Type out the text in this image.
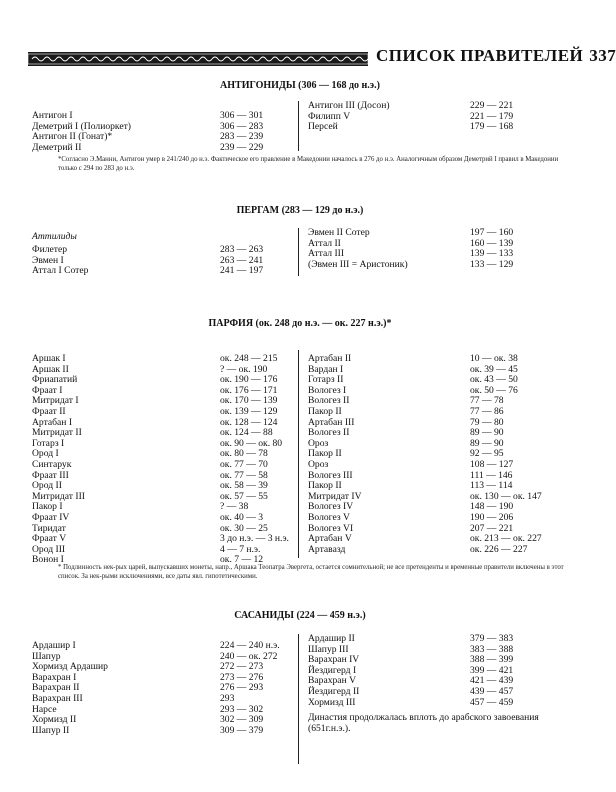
СПИСОК ПРАВИТЕЛЕЙ 337
АНТИГОНИДЫ (306 — 168 до н.э.)
Антигон I	306 — 301
Деметрий I (Полиоркет)	306 — 283
Антигон II (Гонат)*	283 — 239
Деметрий II	239 — 229
Антигон III (Досон)	229 — 221
Филипп V	221 — 179
Персей	179 — 168
*Согласно Э.Манни, Антигон умер в 241/240 до н.э. Фактическое его правление в Македонии началось в 276 до н.э. Аналогичным образом Деметрий I правил в Македонии только с 294 по 283 до н.э.
ПЕРГАМ (283 — 129 до н.э.)
Аттилиды
Филетер	283 — 263
Эвмен I	263 — 241
Аттал I Сотер	241 — 197
Эвмен II Сотер	197 — 160
Аттал II	160 — 139
Аттал III	139 — 133
(Эвмен III = Аристоник)	133 — 129
ПАРФИЯ (ок. 248 до н.э. — ок. 227 н.э.)*
Аршак I	ок. 248 — 215
Аршак II	? — ок. 190
Фриапатий	ок. 190 — 176
Фраат I	ок. 176 — 171
Митридат I	ок. 170 — 139
Фраат II	ок. 139 — 129
Артабан I	ок. 128 — 124
Митридат II	ок. 124 — 88
Готарз I	ок. 90 — ок. 80
Ород I	ок. 80 — 78
Синтарук	ок. 77 — 70
Фраат III	ок. 77 — 58
Ород II	ок. 58 — 39
Митридат III	ок. 57 — 55
Пакор I	? — 38
Фраат IV	ок. 40 — 3
Тиридат	ок. 30 — 25
Фраат V	3 до н.э. — 3 н.э.
Ород III	4 — 7 н.э.
Вонон I	ок. 7 — 12
Артабан II	10 — ок. 38
Вардан I	ок. 39 — 45
Готарз II	ок. 43 — 50
Вологез I	ок. 50 — 76
Вологез II	77 — 78
Пакор II	77 — 86
Артабан III	79 — 80
Вологез II	89 — 90
Ороз	89 — 90
Пакор II	92 — 95
Ороз	108 — 127
Вологез III	111 — 146
Пакор II	113 — 114
Митридат IV	ок. 130 — ок. 147
Вологез IV	148 — 190
Вологез V	190 — 206
Вологез VI	207 — 221
Артабан V	ок. 213 — ок. 227
Артавазд	ок. 226 — 227
* Подлинность нек-рых царей, выпускавших монеты, напр., Аршака Теопатра Эвергета, остается сомнительной; не все претенденты и временные правители включены в этот список. За нек-рыми исключениями, все даты явл. гипотетическими.
САСАНИДЫ (224 — 459 н.э.)
Ардашир I	224 — 240 н.э.
Шапур	240 — ок. 272
Хормизд Ардашир	272 — 273
Варахран I	273 — 276
Варахран II	276 — 293
Варахран III	293
Нарсе	293 — 302
Хормизд II	302 — 309
Шапур II	309 — 379
Ардашир II	379 — 383
Шапур III	383 — 388
Варахран IV	388 — 399
Йездигерд I	399 — 421
Варахран V	421 — 439
Йездигерд II	439 — 457
Хормизд III	457 — 459
Династия продолжалась вплоть до арабского завоевания (651г.н.э.).
